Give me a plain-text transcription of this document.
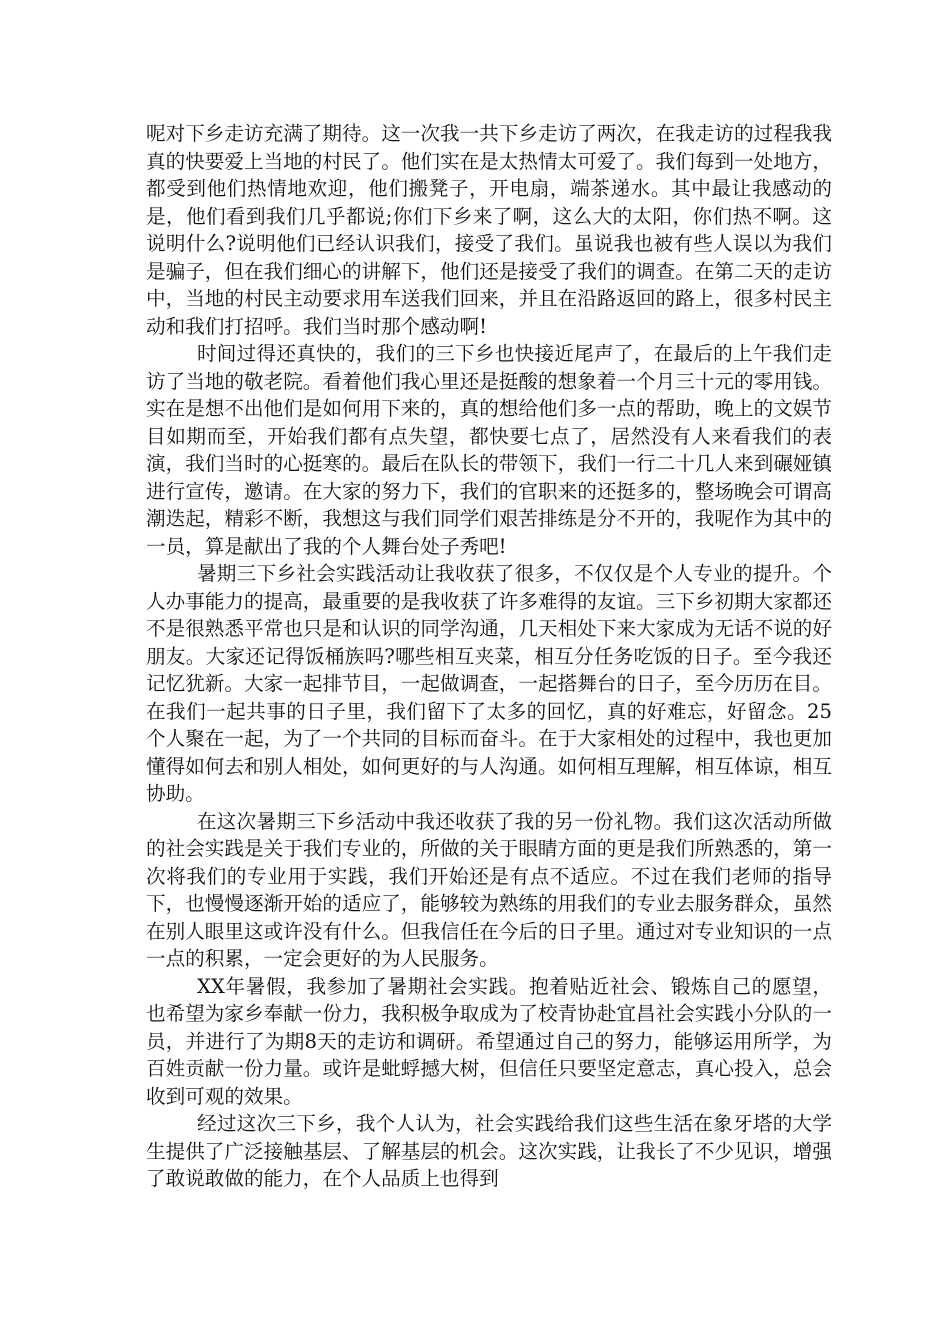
呢对下乡走访充满了期待。这一次我一共下乡走访了两次，在我走访的过程我我真的快要爱上当地的村民了。他们实在是太热情太可爱了。我们每到一处地方，都受到他们热情地欢迎，他们搬凳子，开电扇，端茶递水。其中最让我感动的是，他们看到我们几乎都说;你们下乡来了啊，这么大的太阳，你们热不啊。这说明什么?说明他们已经认识我们，接受了我们。虽说我也被有些人误以为我们是骗子，但在我们细心的讲解下，他们还是接受了我们的调查。在第二天的走访中，当地的村民主动要求用车送我们回来，并且在沿路返回的路上，很多村民主动和我们打招呼。我们当时那个感动啊!

时间过得还真快的，我们的三下乡也快接近尾声了，在最后的上午我们走访了当地的敬老院。看着他们我心里还是挺酸的想象着一个月三十元的零用钱。实在是想不出他们是如何用下来的，真的想给他们多一点的帮助，晚上的文娱节目如期而至，开始我们都有点失望，都快要七点了，居然没有人来看我们的表演，我们当时的心挺寒的。最后在队长的带领下，我们一行二十几人来到碾娅镇进行宣传，邀请。在大家的努力下，我们的官职来的还挺多的，整场晚会可谓高潮迭起，精彩不断，我想这与我们同学们艰苦排练是分不开的，我呢作为其中的一员，算是献出了我的个人舞台处子秀吧!

暑期三下乡社会实践活动让我收获了很多，不仅仅是个人专业的提升。个人办事能力的提高，最重要的是我收获了许多难得的友谊。三下乡初期大家都还不是很熟悉平常也只是和认识的同学沟通，几天相处下来大家成为无话不说的好朋友。大家还记得饭桶族吗?哪些相互夹菜，相互分任务吃饭的日子。至今我还记忆犹新。大家一起排节目，一起做调查，一起搭舞台的日子，至今历历在目。在我们一起共事的日子里，我们留下了太多的回忆，真的好难忘，好留念。25个人聚在一起，为了一个共同的目标而奋斗。在于大家相处的过程中，我也更加懂得如何去和别人相处，如何更好的与人沟通。如何相互理解，相互体谅，相互协助。

在这次暑期三下乡活动中我还收获了我的另一份礼物。我们这次活动所做的社会实践是关于我们专业的，所做的关于眼睛方面的更是我们所熟悉的，第一次将我们的专业用于实践，我们开始还是有点不适应。不过在我们老师的指导下，也慢慢逐渐开始的适应了，能够较为熟练的用我们的专业去服务群众，虽然在别人眼里这或许没有什么。但我信任在今后的日子里。通过对专业知识的一点一点的积累，一定会更好的为人民服务。

XX年暑假，我参加了暑期社会实践。抱着贴近社会、锻炼自己的愿望，也希望为家乡奉献一份力，我积极争取成为了校青协赴宜昌社会实践小分队的一员，并进行了为期8天的走访和调研。希望通过自己的努力，能够运用所学，为百姓贡献一份力量。或许是蚍蜉撼大树，但信任只要坚定意志，真心投入，总会收到可观的效果。

经过这次三下乡，我个人认为，社会实践给我们这些生活在象牙塔的大学生提供了广泛接触基层、了解基层的机会。这次实践，让我长了不少见识，增强了敢说敢做的能力，在个人品质上也得到
